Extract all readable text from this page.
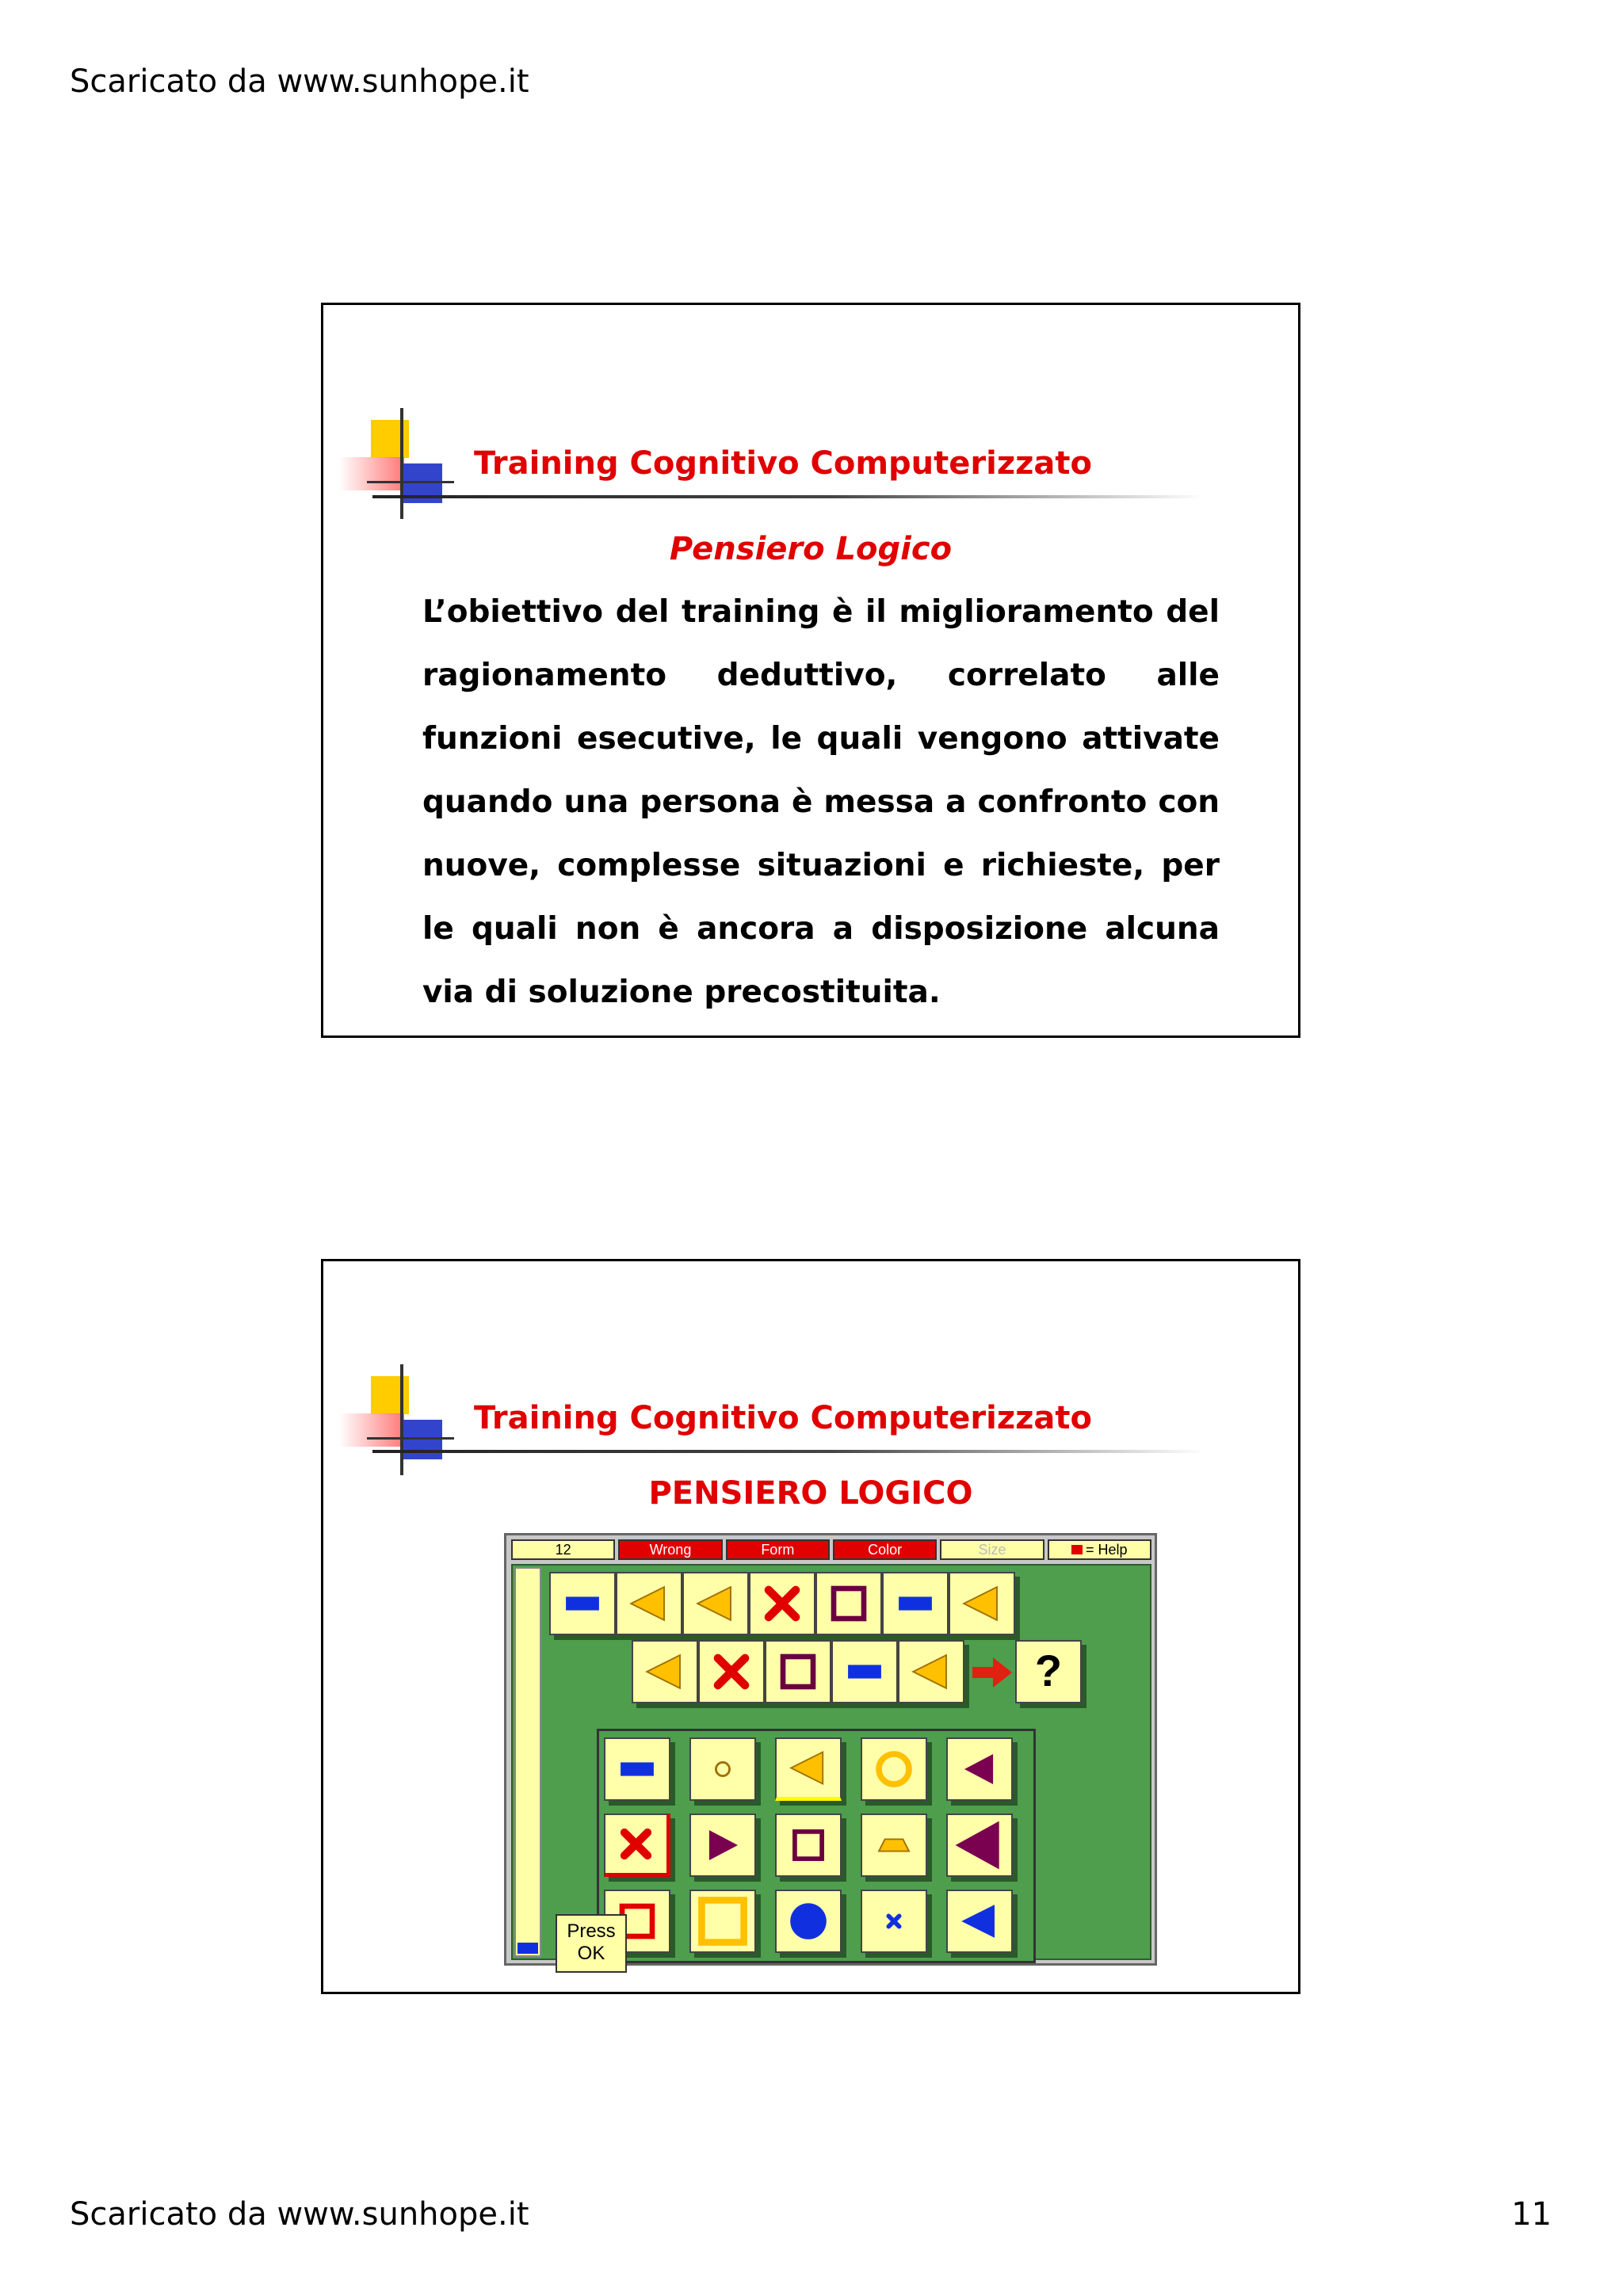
Scaricato da www.sunhope.it
Training Cognitivo Computerizzato
Pensiero Logico
L’obiettivo del training è il miglioramento del ragionamento deduttivo, correlato alle funzioni esecutive, le quali vengono attivate quando una persona è messa a confronto con nuove, complesse situazioni e richieste, per le quali non è ancora a disposizione alcuna via di soluzione precostituita.
Training Cognitivo Computerizzato
PENSIERO LOGICO
12	Wrong	Form	Color	Size	= Help
?
Press
OK
Scaricato da www.sunhope.it	11
